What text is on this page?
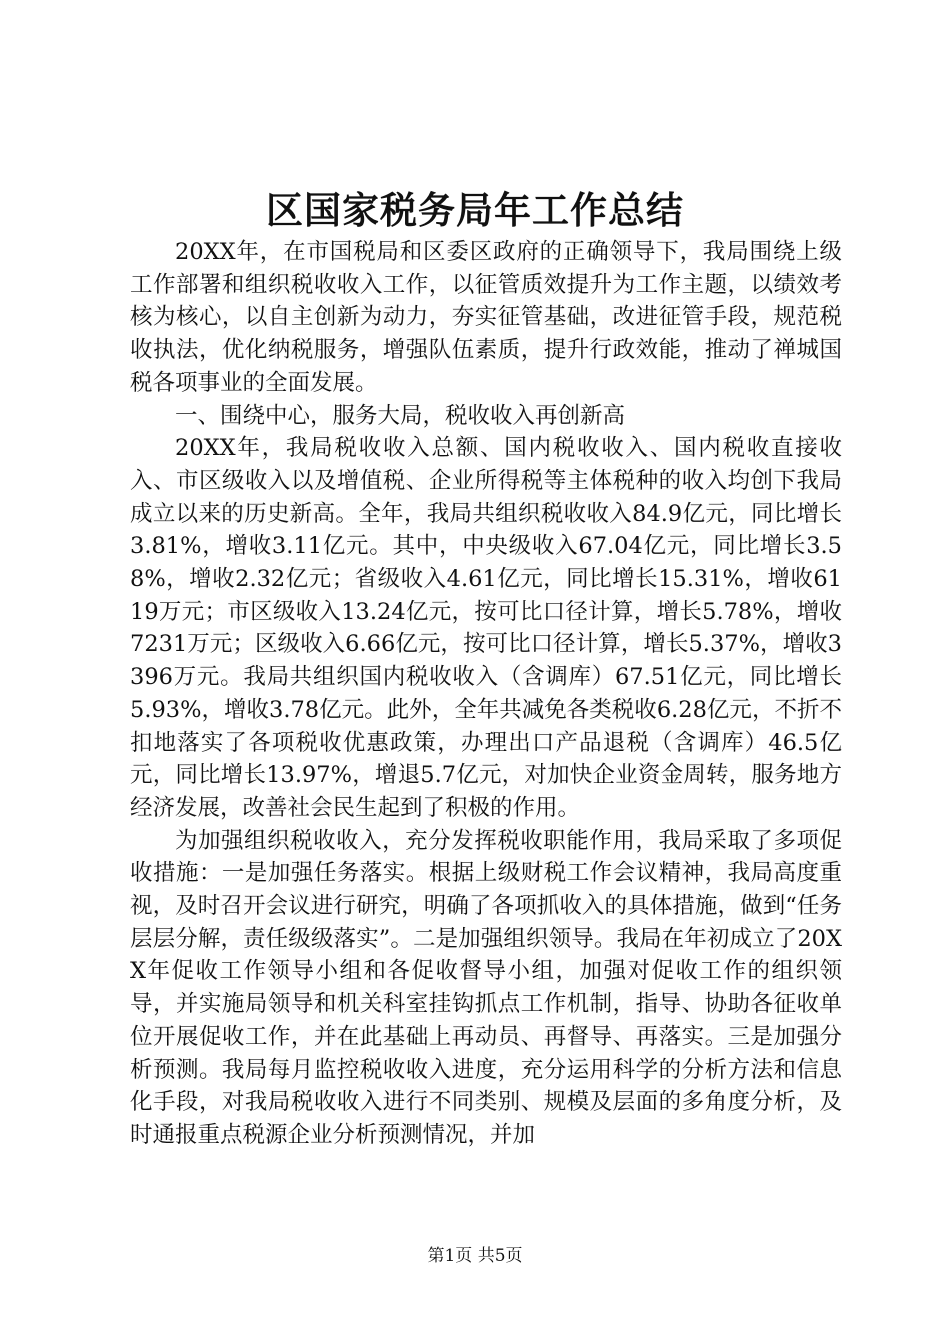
区国家税务局年工作总结

20XX年，在市国税局和区委区政府的正确领导下，我局围绕上级工作部署和组织税收收入工作，以征管质效提升为工作主题，以绩效考核为核心，以自主创新为动力，夯实征管基础，改进征管手段，规范税收执法，优化纳税服务，增强队伍素质，提升行政效能，推动了禅城国税各项事业的全面发展。

一、围绕中心，服务大局，税收收入再创新高

20XX年，我局税收收入总额、国内税收收入、国内税收直接收入、市区级收入以及增值税、企业所得税等主体税种的收入均创下我局成立以来的历史新高。全年，我局共组织税收收入84.9亿元，同比增长3.81%，增收3.11亿元。其中，中央级收入67.04亿元，同比增长3.58%，增收2.32亿元；省级收入4.61亿元，同比增长15.31%，增收6119万元；市区级收入13.24亿元，按可比口径计算，增长5.78%，增收7231万元；区级收入6.66亿元，按可比口径计算，增长5.37%，增收3396万元。我局共组织国内税收收入（含调库）67.51亿元，同比增长5.93%，增收3.78亿元。此外，全年共减免各类税收6.28亿元，不折不扣地落实了各项税收优惠政策，办理出口产品退税（含调库）46.5亿元，同比增长13.97%，增退5.7亿元，对加快企业资金周转，服务地方经济发展，改善社会民生起到了积极的作用。

为加强组织税收收入，充分发挥税收职能作用，我局采取了多项促收措施：一是加强任务落实。根据上级财税工作会议精神，我局高度重视，及时召开会议进行研究，明确了各项抓收入的具体措施，做到“任务层层分解，责任级级落实”。二是加强组织领导。我局在年初成立了20XX年促收工作领导小组和各促收督导小组，加强对促收工作的组织领导，并实施局领导和机关科室挂钩抓点工作机制，指导、协助各征收单位开展促收工作，并在此基础上再动员、再督导、再落实。三是加强分析预测。我局每月监控税收收入进度，充分运用科学的分析方法和信息化手段，对我局税收收入进行不同类别、规模及层面的多角度分析，及时通报重点税源企业分析预测情况，并加

第1页 共5页
